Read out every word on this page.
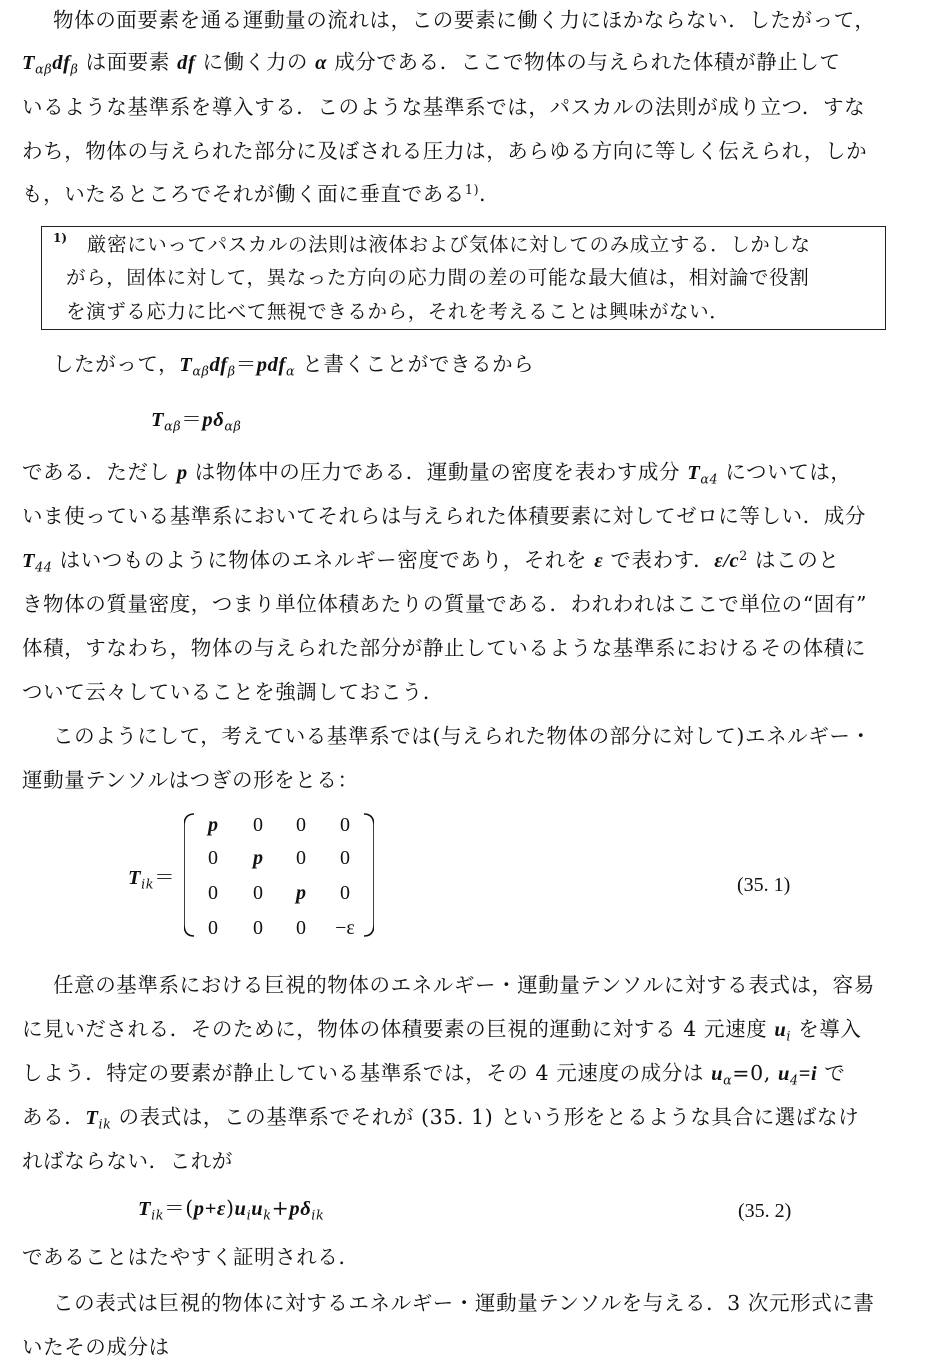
物体の面要素を通る運動量の流れは，この要素に働く力にほかならない．したがって，
$T_{\alpha\beta}df_\beta$ は面要素 df に働く力の α 成分である．ここで物体の与えられた体積が静止して
いるような基準系を導入する．このような基準系では，パスカルの法則が成り立つ．すな
わち，物体の与えられた部分に及ぼされる圧力は，あらゆる方向に等しく伝えられ，しか
も，いたるところでそれが働く面に垂直である$^{1)}$．
1) 厳密にいってパスカルの法則は液体および気体に対してのみ成立する．しかしな
がら，固体に対して，異なった方向の応力間の差の可能な最大値は，相対論で役割
を演ずる応力に比べて無視できるから，それを考えることは興味がない．
したがって，$T_{\alpha\beta}df_\beta=pdf_\alpha$ と書くことができるから
$T_{\alpha\beta}=p\delta_{\alpha\beta}$
である．ただし p は物体中の圧力である．運動量の密度を表わす成分 $T_{\alpha 4}$ については，
いま使っている基準系においてそれらは与えられた体積要素に対してゼロに等しい．成分
$T_{44}$ はいつものように物体のエネルギー密度であり，それを ε で表わす．$\varepsilon/c^2$ はこのと
き物体の質量密度，つまり単位体積あたりの質量である．われわれはここで単位の“固有”
体積，すなわち，物体の与えられた部分が静止しているような基準系におけるその体積に
ついて云々していることを強調しておこう．
このようにして，考えている基準系では(与えられた物体の部分に対して)エネルギー・
運動量テンソルはつぎの形をとる：
$T_{ik}=$
p	0	0	0
0	p	0	0
0	0	p	0
0	0	0	−ε
(35. 1)
任意の基準系における巨視的物体のエネルギー・運動量テンソルに対する表式は，容易
に見いだされる．そのために，物体の体積要素の巨視的運動に対する 4 元速度 $u_i$ を導入
しよう．特定の要素が静止している基準系では，その 4 元速度の成分は $u_\alpha=0$, $u_4=i$ で
ある．$T_{ik}$ の表式は，この基準系でそれが (35. 1) という形をとるような具合に選ばなけ
ればならない．これが
$T_{ik}=(p+\varepsilon)u_iu_k+p\delta_{ik}$	(35. 2)
であることはたやすく証明される．
この表式は巨視的物体に対するエネルギー・運動量テンソルを与える．3 次元形式に書
いたその成分は
